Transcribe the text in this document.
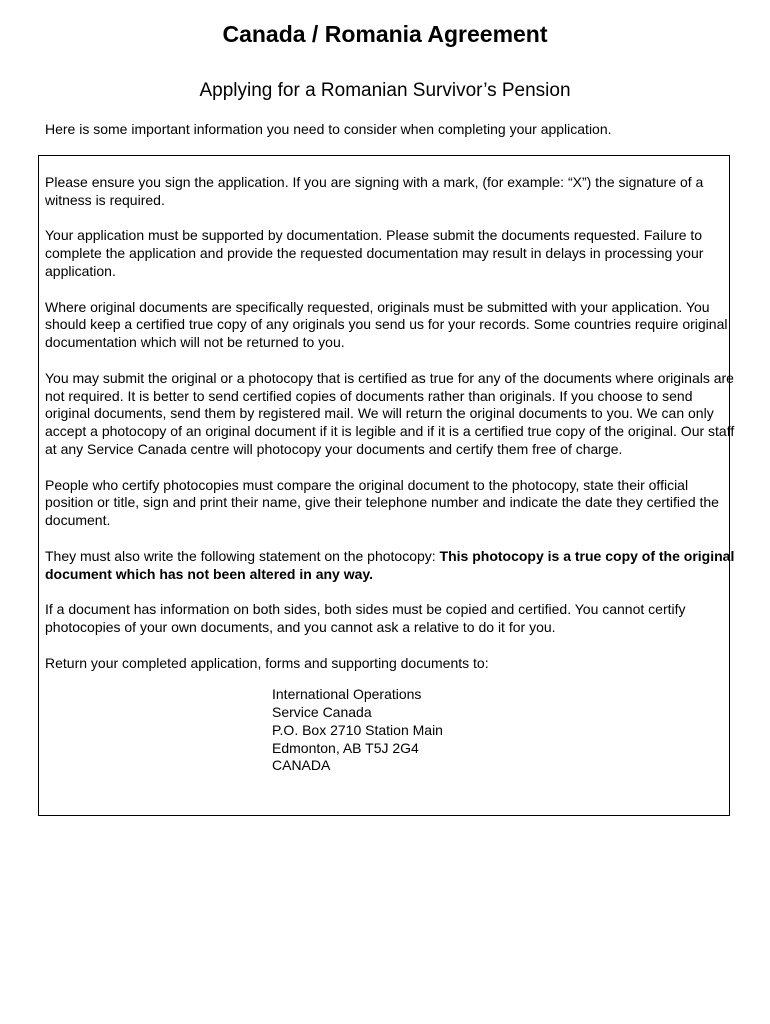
Canada / Romania Agreement
Applying for a Romanian Survivor’s Pension
Here is some important information you need to consider when completing your application.

Please ensure you sign the application. If you are signing with a mark, (for example: “X”) the signature of a witness is required.

Your application must be supported by documentation. Please submit the documents requested. Failure to complete the application and provide the requested documentation may result in delays in processing your application.

Where original documents are specifically requested, originals must be submitted with your application. You should keep a certified true copy of any originals you send us for your records. Some countries require original documentation which will not be returned to you.

You may submit the original or a photocopy that is certified as true for any of the documents where originals are not required. It is better to send certified copies of documents rather than originals. If you choose to send original documents, send them by registered mail. We will return the original documents to you. We can only accept a photocopy of an original document if it is legible and if it is a certified true copy of the original. Our staff at any Service Canada centre will photocopy your documents and certify them free of charge.

People who certify photocopies must compare the original document to the photocopy, state their official position or title, sign and print their name, give their telephone number and indicate the date they certified the document.

They must also write the following statement on the photocopy: This photocopy is a true copy of the original document which has not been altered in any way.

If a document has information on both sides, both sides must be copied and certified. You cannot certify photocopies of your own documents, and you cannot ask a relative to do it for you.

Return your completed application, forms and supporting documents to:

International Operations
Service Canada
P.O. Box 2710 Station Main
Edmonton, AB T5J 2G4
CANADA
